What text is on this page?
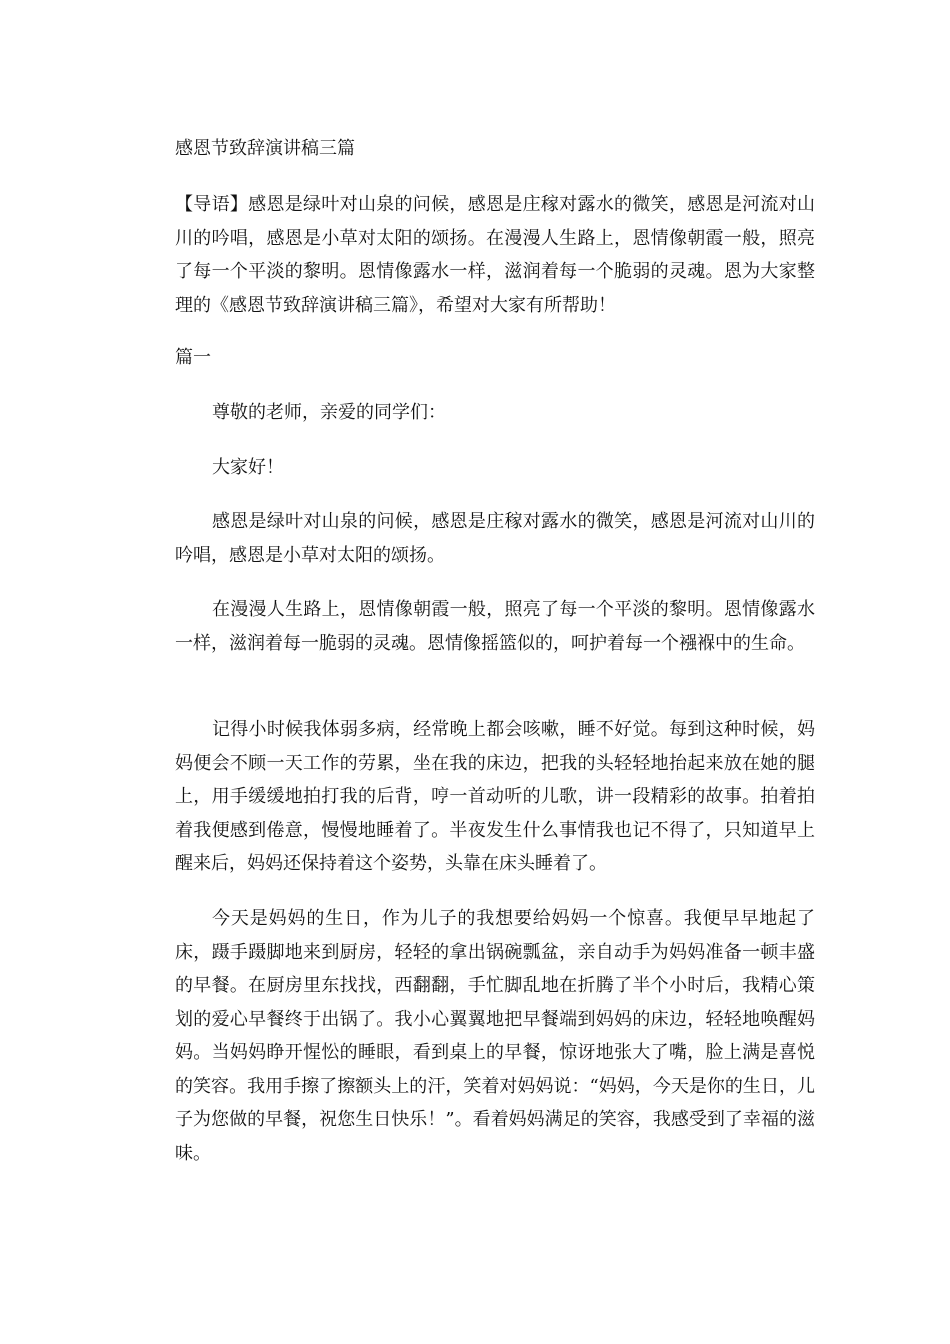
感恩节致辞演讲稿三篇

【导语】感恩是绿叶对山泉的问候，感恩是庄稼对露水的微笑，感恩是河流对山川的吟唱，感恩是小草对太阳的颂扬。在漫漫人生路上，恩情像朝霞一般，照亮了每一个平淡的黎明。恩情像露水一样，滋润着每一个脆弱的灵魂。恩为大家整理的《感恩节致辞演讲稿三篇》，希望对大家有所帮助！

篇一

尊敬的老师，亲爱的同学们：

大家好！

感恩是绿叶对山泉的问候，感恩是庄稼对露水的微笑，感恩是河流对山川的吟唱，感恩是小草对太阳的颂扬。

在漫漫人生路上，恩情像朝霞一般，照亮了每一个平淡的黎明。恩情像露水一样，滋润着每一脆弱的灵魂。恩情像摇篮似的，呵护着每一个襁褓中的生命。

记得小时候我体弱多病，经常晚上都会咳嗽，睡不好觉。每到这种时候，妈妈便会不顾一天工作的劳累，坐在我的床边，把我的头轻轻地抬起来放在她的腿上，用手缓缓地拍打我的后背，哼一首动听的儿歌，讲一段精彩的故事。拍着拍着我便感到倦意，慢慢地睡着了。半夜发生什么事情我也记不得了，只知道早上醒来后，妈妈还保持着这个姿势，头靠在床头睡着了。

今天是妈妈的生日，作为儿子的我想要给妈妈一个惊喜。我便早早地起了床，蹑手蹑脚地来到厨房，轻轻的拿出锅碗瓢盆，亲自动手为妈妈准备一顿丰盛的早餐。在厨房里东找找，西翻翻，手忙脚乱地在折腾了半个小时后，我精心策划的爱心早餐终于出锅了。我小心翼翼地把早餐端到妈妈的床边，轻轻地唤醒妈妈。当妈妈睁开惺忪的睡眼，看到桌上的早餐，惊讶地张大了嘴，脸上满是喜悦的笑容。我用手擦了擦额头上的汗，笑着对妈妈说：“妈妈，今天是你的生日，儿子为您做的早餐，祝您生日快乐！”。看着妈妈满足的笑容，我感受到了幸福的滋味。
